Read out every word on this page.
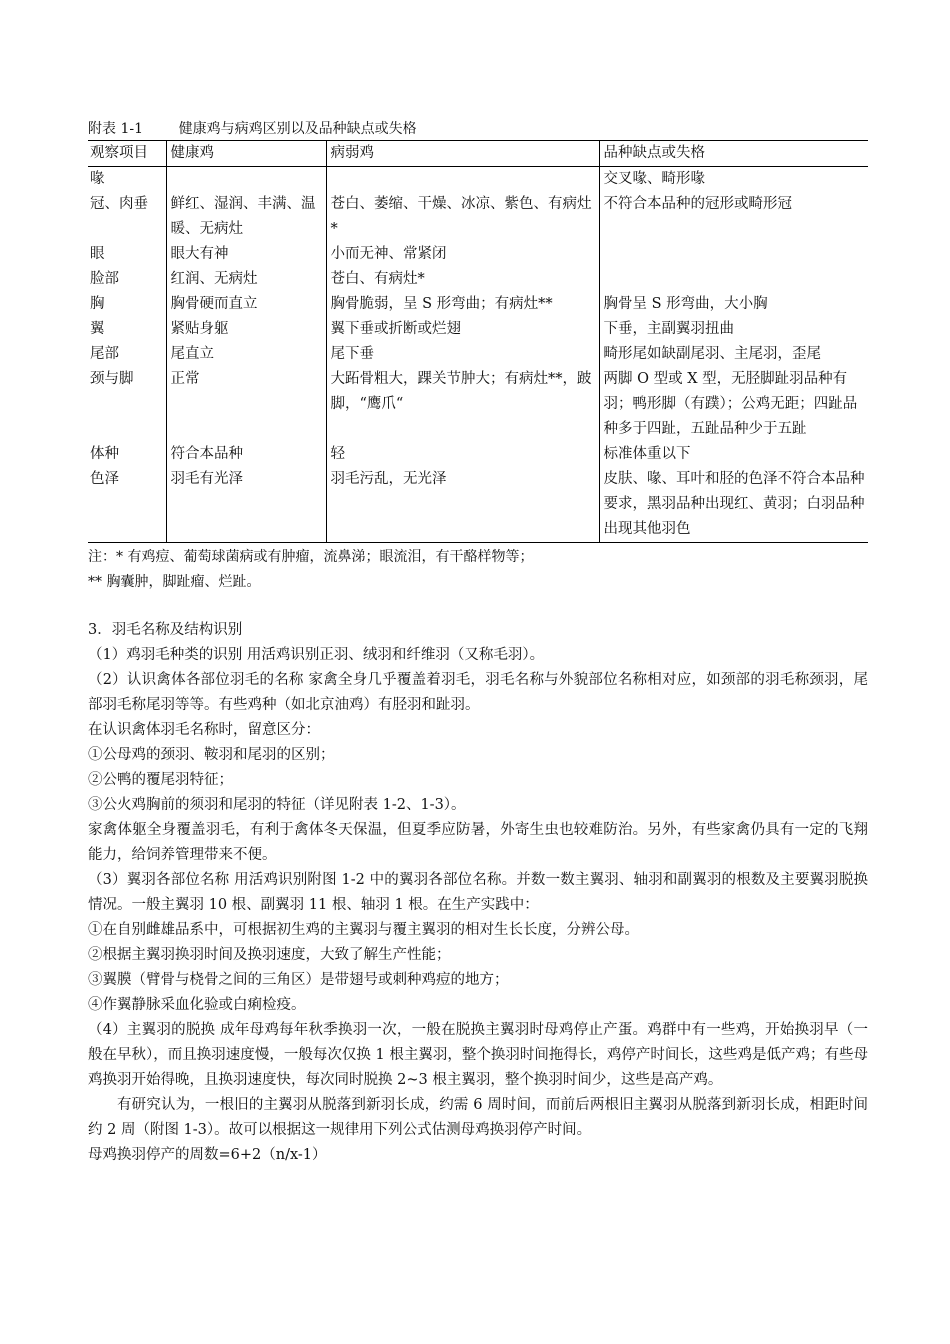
附表 1-1        健康鸡与病鸡区别以及品种缺点或失格
观察项目	健康鸡	病弱鸡	品种缺点或失格
喙			交叉喙、畸形喙
冠、肉垂	鲜红、湿润、丰满、温暖、无病灶	苍白、萎缩、干燥、冰凉、紫色、有病灶*	不符合本品种的冠形或畸形冠
眼	眼大有神	小而无神、常紧闭	
脸部	红润、无病灶	苍白、有病灶*	
胸	胸骨硬而直立	胸骨脆弱，呈 S 形弯曲；有病灶**	胸骨呈 S 形弯曲，大小胸
翼	紧贴身躯	翼下垂或折断或烂翅	下垂，主副翼羽扭曲
尾部	尾直立	尾下垂	畸形尾如缺副尾羽、主尾羽，歪尾
颈与脚	正常	大跖骨粗大，踝关节肿大；有病灶**，跛脚，“鹰爪“	两脚 O 型或 X 型，无胫脚趾羽品种有羽；鸭形脚（有蹼）；公鸡无距；四趾品种多于四趾，五趾品种少于五趾
体种	符合本品种	轻	标准体重以下
色泽	羽毛有光泽	羽毛污乱，无光泽	皮肤、喙、耳叶和胫的色泽不符合本品种要求，黑羽品种出现红、黄羽；白羽品种出现其他羽色
注：* 有鸡痘、葡萄球菌病或有肿瘤，流鼻涕；眼流泪，有干酪样物等；
** 胸囊肿，脚趾瘤、烂趾。
3．羽毛名称及结构识别

（1）鸡羽毛种类的识别 用活鸡识别正羽、绒羽和纤维羽（又称毛羽）。

（2）认识禽体各部位羽毛的名称 家禽全身几乎覆盖着羽毛，羽毛名称与外貌部位名称相对应，如颈部的羽毛称颈羽，尾部羽毛称尾羽等等。有些鸡种（如北京油鸡）有胫羽和趾羽。

在认识禽体羽毛名称时，留意区分：

①公母鸡的颈羽、鞍羽和尾羽的区别；

②公鸭的覆尾羽特征；

③公火鸡胸前的须羽和尾羽的特征（详见附表 1-2、1-3）。

家禽体躯全身覆盖羽毛，有利于禽体冬天保温，但夏季应防暑，外寄生虫也较难防治。另外，有些家禽仍具有一定的飞翔能力，给饲养管理带来不便。

（3）翼羽各部位名称 用活鸡识别附图 1-2 中的翼羽各部位名称。并数一数主翼羽、轴羽和副翼羽的根数及主要翼羽脱换情况。一般主翼羽 10 根、副翼羽 11 根、轴羽 1 根。在生产实践中：

①在自别雌雄品系中，可根据初生鸡的主翼羽与覆主翼羽的相对生长长度，分辨公母。

②根据主翼羽换羽时间及换羽速度，大致了解生产性能；

③翼膜（臂骨与桡骨之间的三角区）是带翅号或刺种鸡痘的地方；

④作翼静脉采血化验或白痢检疫。

（4）主翼羽的脱换 成年母鸡每年秋季换羽一次，一般在脱换主翼羽时母鸡停止产蛋。鸡群中有一些鸡，开始换羽早（一般在早秋），而且换羽速度慢，一般每次仅换 1 根主翼羽，整个换羽时间拖得长，鸡停产时间长，这些鸡是低产鸡；有些母鸡换羽开始得晚，且换羽速度快，每次同时脱换 2~3 根主翼羽，整个换羽时间少，这些是高产鸡。

有研究认为，一根旧的主翼羽从脱落到新羽长成，约需 6 周时间，而前后两根旧主翼羽从脱落到新羽长成，相距时间约 2 周（附图 1-3）。故可以根据这一规律用下列公式估测母鸡换羽停产时间。

母鸡换羽停产的周数=6+2（n/x-1）
